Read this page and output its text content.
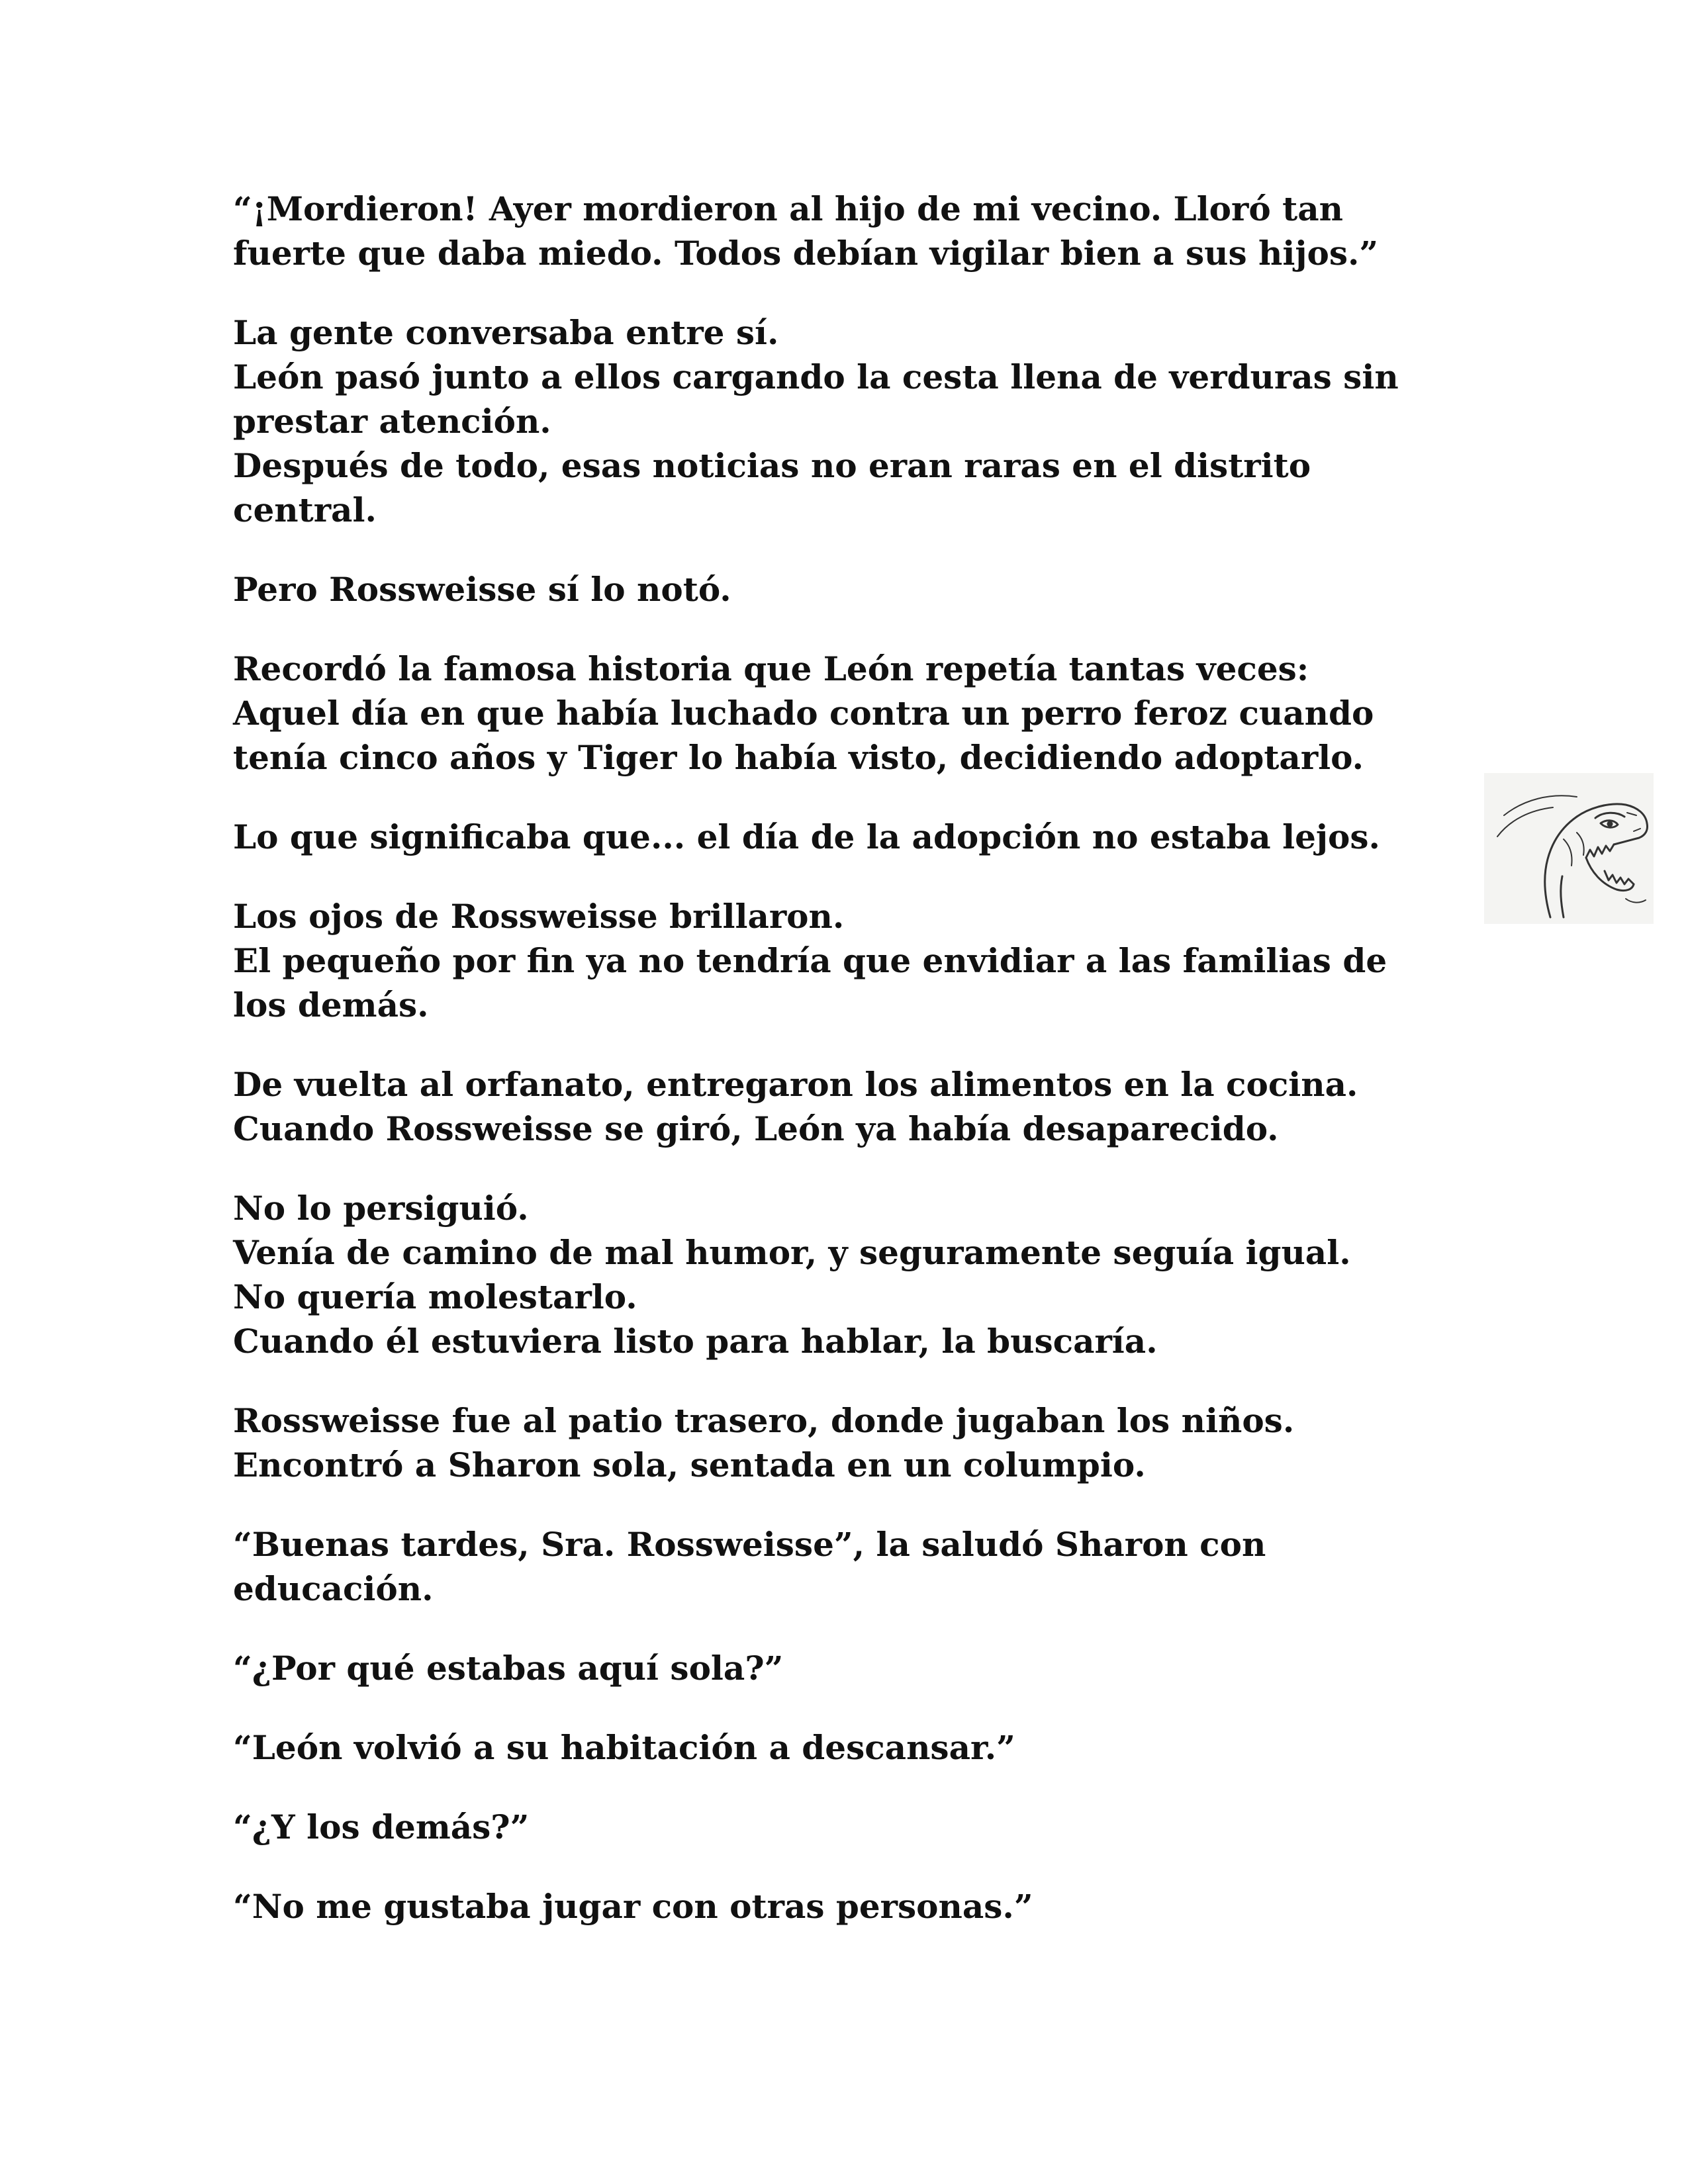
“¡Mordieron! Ayer mordieron al hijo de mi vecino. Lloró tan
fuerte que daba miedo. Todos debían vigilar bien a sus hijos.”
La gente conversaba entre sí.
León pasó junto a ellos cargando la cesta llena de verduras sin
prestar atención.
Después de todo, esas noticias no eran raras en el distrito
central.
Pero Rossweisse sí lo notó.
Recordó la famosa historia que León repetía tantas veces:
Aquel día en que había luchado contra un perro feroz cuando
tenía cinco años y Tiger lo había visto, decidiendo adoptarlo.
Lo que significaba que... el día de la adopción no estaba lejos.
Los ojos de Rossweisse brillaron.
El pequeño por fin ya no tendría que envidiar a las familias de
los demás.
De vuelta al orfanato, entregaron los alimentos en la cocina.
Cuando Rossweisse se giró, León ya había desaparecido.
No lo persiguió.
Venía de camino de mal humor, y seguramente seguía igual.
No quería molestarlo.
Cuando él estuviera listo para hablar, la buscaría.
Rossweisse fue al patio trasero, donde jugaban los niños.
Encontró a Sharon sola, sentada en un columpio.
“Buenas tardes, Sra. Rossweisse”, la saludó Sharon con
educación.
“¿Por qué estabas aquí sola?”
“León volvió a su habitación a descansar.”
“¿Y los demás?”
“No me gustaba jugar con otras personas.”
